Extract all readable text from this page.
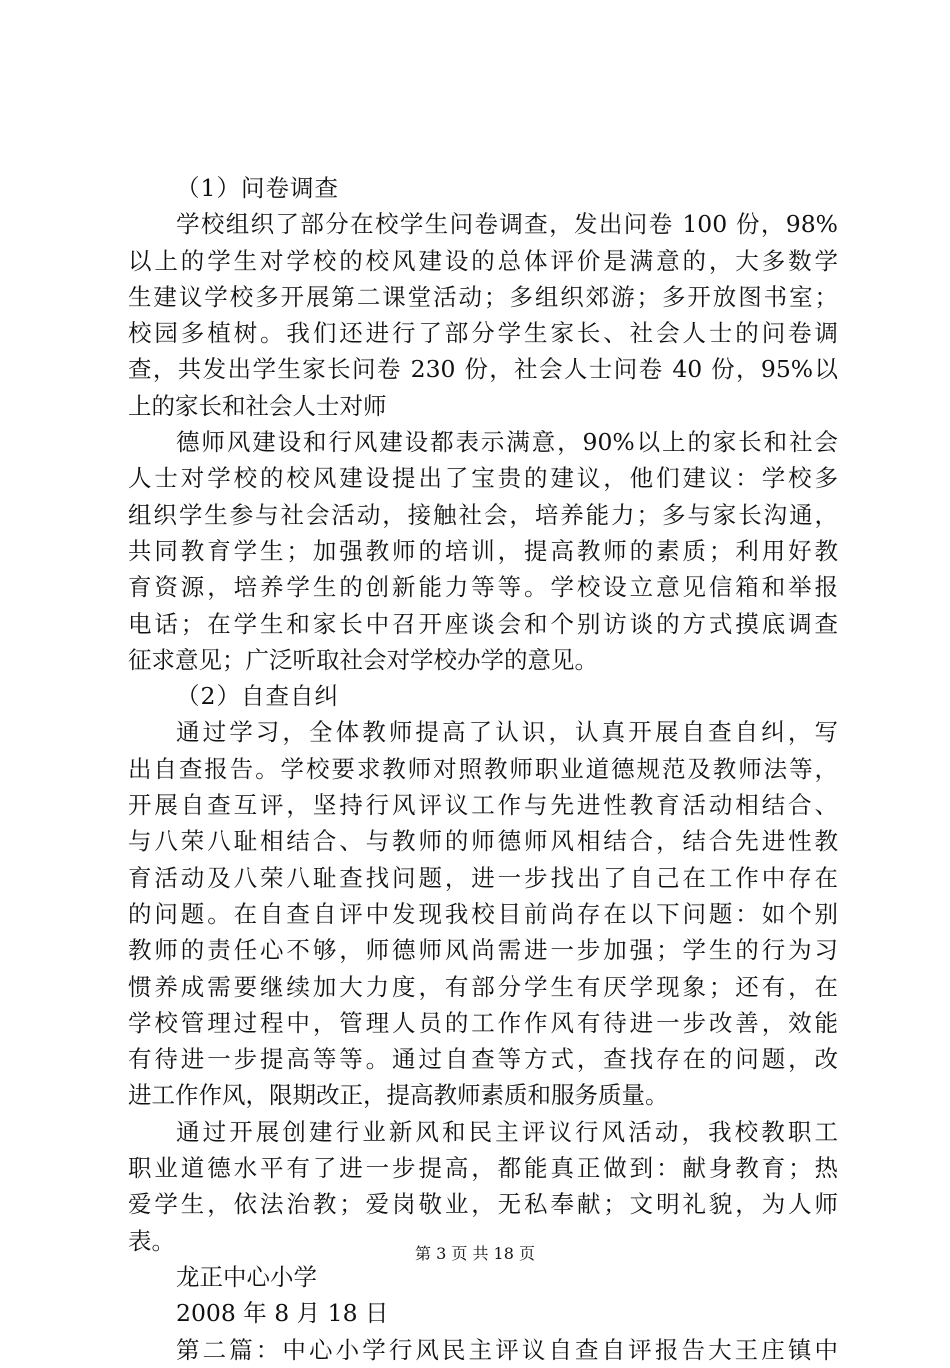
（1）问卷调查
学校组织了部分在校学生问卷调查，发出问卷 100 份，98%
以上的学生对学校的校风建设的总体评价是满意的，大多数学
生建议学校多开展第二课堂活动；多组织郊游；多开放图书室；
校园多植树。我们还进行了部分学生家长、社会人士的问卷调
查，共发出学生家长问卷 230 份，社会人士问卷 40 份，95%以
上的家长和社会人士对师
德师风建设和行风建设都表示满意，90%以上的家长和社会
人士对学校的校风建设提出了宝贵的建议，他们建议：学校多
组织学生参与社会活动，接触社会，培养能力；多与家长沟通，
共同教育学生；加强教师的培训，提高教师的素质；利用好教
育资源，培养学生的创新能力等等。学校设立意见信箱和举报
电话；在学生和家长中召开座谈会和个别访谈的方式摸底调查
征求意见；广泛听取社会对学校办学的意见。
（2）自查自纠
通过学习，全体教师提高了认识，认真开展自查自纠，写
出自查报告。学校要求教师对照教师职业道德规范及教师法等，
开展自查互评，坚持行风评议工作与先进性教育活动相结合、
与八荣八耻相结合、与教师的师德师风相结合，结合先进性教
育活动及八荣八耻查找问题，进一步找出了自己在工作中存在
的问题。在自查自评中发现我校目前尚存在以下问题：如个别
教师的责任心不够，师德师风尚需进一步加强；学生的行为习
惯养成需要继续加大力度，有部分学生有厌学现象；还有，在
学校管理过程中，管理人员的工作作风有待进一步改善，效能
有待进一步提高等等。通过自查等方式，查找存在的问题，改
进工作作风，限期改正，提高教师素质和服务质量。
通过开展创建行业新风和民主评议行风活动，我校教职工
职业道德水平有了进一步提高，都能真正做到：献身教育；热
爱学生，依法治教；爱岗敬业，无私奉献；文明礼貌，为人师
表。
龙正中心小学
2008 年 8 月 18 日
第二篇：中心小学行风民主评议自查自评报告大王庄镇中
第 3 页 共 18 页
